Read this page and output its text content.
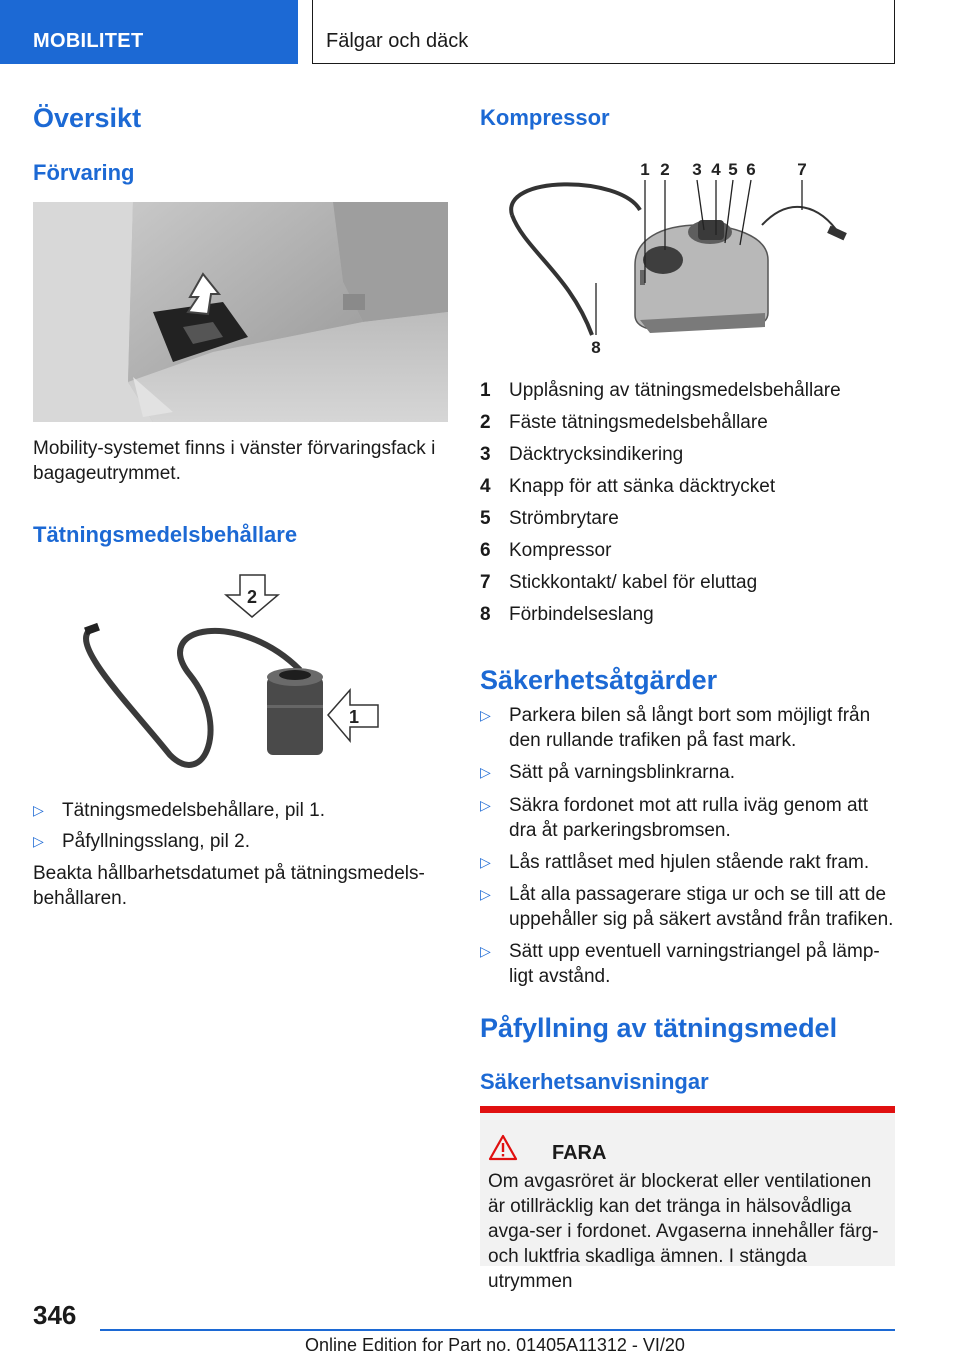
MOBILITET	Fälgar och däck
Översikt
Förvaring
Mobility-systemet finns i vänster förvaringsfack i bagageutrymmet.
Tätningsmedelsbehållare
2
1
▷ Tätningsmedelsbehållare, pil 1.
▷ Påfyllningsslang, pil 2.
Beakta hållbarhetsdatumet på tätningsmedels-behållaren.
Kompressor
1 2 3 4 5 6 7
8
1 Upplåsning av tätningsmedelsbehållare
2 Fäste tätningsmedelsbehållare
3 Däcktrycksindikering
4 Knapp för att sänka däcktrycket
5 Strömbrytare
6 Kompressor
7 Stickkontakt/ kabel för eluttag
8 Förbindelseslang
Säkerhetsåtgärder
▷ Parkera bilen så långt bort som möjligt från den rullande trafiken på fast mark.
▷ Sätt på varningsblinkrarna.
▷ Säkra fordonet mot att rulla iväg genom att dra åt parkeringsbromsen.
▷ Lås rattlåset med hjulen stående rakt fram.
▷ Låt alla passagerare stiga ur och se till att de uppehåller sig på säkert avstånd från trafiken.
▷ Sätt upp eventuell varningstriangel på lämp-ligt avstånd.
Påfyllning av tätningsmedel
Säkerhetsanvisningar
FARA
Om avgasröret är blockerat eller ventilationen är otillräcklig kan det tränga in hälsovådliga avga-ser i fordonet. Avgaserna innehåller färg- och luktfria skadliga ämnen. I stängda utrymmen
346
Online Edition for Part no. 01405A11312 - VI/20
